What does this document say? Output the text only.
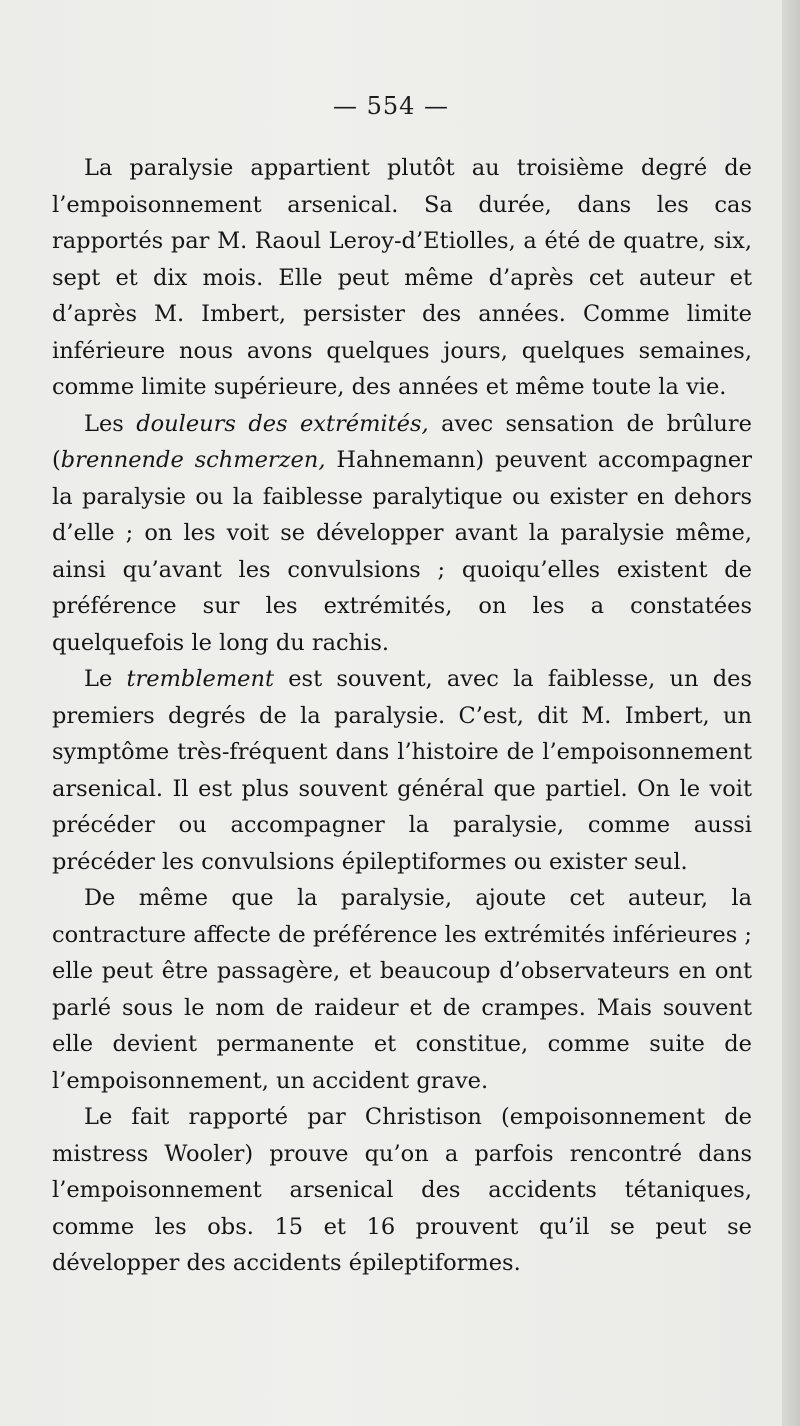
— 554 —

La paralysie appartient plutôt au troisième degré de l’empoisonnement arsenical. Sa durée, dans les cas rapportés par M. Raoul Leroy-d’Etiolles, a été de quatre, six, sept et dix mois. Elle peut même d’après cet auteur et d’après M. Imbert, persister des années. Comme limite inférieure nous avons quelques jours, quelques semaines, comme limite supérieure, des années et même toute la vie.

Les douleurs des extrémités, avec sensation de brûlure (brennende schmerzen, Hahnemann) peuvent accompagner la paralysie ou la faiblesse paralytique ou exister en dehors d’elle ; on les voit se développer avant la paralysie même, ainsi qu’avant les convulsions ; quoiqu’elles existent de préférence sur les extrémités, on les a constatées quelquefois le long du rachis.

Le tremblement est souvent, avec la faiblesse, un des premiers degrés de la paralysie. C’est, dit M. Imbert, un symptôme très-fréquent dans l’histoire de l’empoisonnement arsenical. Il est plus souvent général que partiel. On le voit précéder ou accompagner la paralysie, comme aussi précéder les convulsions épileptiformes ou exister seul.

De même que la paralysie, ajoute cet auteur, la contracture affecte de préférence les extrémités inférieures ; elle peut être passagère, et beaucoup d’observateurs en ont parlé sous le nom de raideur et de crampes. Mais souvent elle devient permanente et constitue, comme suite de l’empoisonnement, un accident grave.

Le fait rapporté par Christison (empoisonnement de mistress Wooler) prouve qu’on a parfois rencontré dans l’empoisonnement arsenical des accidents tétaniques, comme les obs. 15 et 16 prouvent qu’il se peut se développer des accidents épileptiformes.
